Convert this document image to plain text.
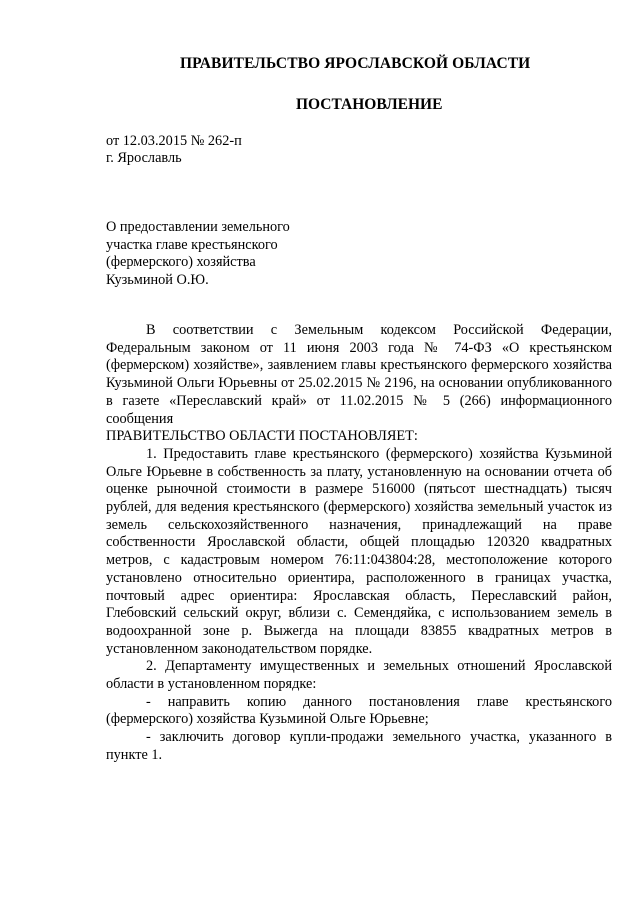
ПРАВИТЕЛЬСТВО ЯРОСЛАВСКОЙ ОБЛАСТИ
ПОСТАНОВЛЕНИЕ
от 12.03.2015 № 262-п
г. Ярославль
О предоставлении земельного
участка главе крестьянского
(фермерского) хозяйства
Кузьминой О.Ю.

В соответствии с Земельным кодексом Российской Федерации, Федеральным законом от 11 июня 2003 года № 74-ФЗ «О крестьянском (фермерском) хозяйстве», заявлением главы крестьянского фермерского хозяйства Кузьминой Ольги Юрьевны от 25.02.2015 № 2196, на основании опубликованного в газете «Переславский край» от 11.02.2015 № 5 (266) информационного сообщения

ПРАВИТЕЛЬСТВО ОБЛАСТИ ПОСТАНОВЛЯЕТ:

1. Предоставить главе крестьянского (фермерского) хозяйства Кузьминой Ольге Юрьевне в собственность за плату, установленную на основании отчета об оценке рыночной стоимости в размере 516000 (пятьсот шестнадцать) тысяч рублей, для ведения крестьянского (фермерского) хозяйства земельный участок из земель сельскохозяйственного назначения, принадлежащий на праве собственности Ярославской области, общей площадью 120320 квадратных метров, с кадастровым номером 76:11:043804:28, местоположение которого установлено относительно ориентира, расположенного в границах участка, почтовый адрес ориентира: Ярославская область, Переславский район, Глебовский сельский округ, вблизи с. Семендяйка, с использованием земель в водоохранной зоне р. Выжегда на площади 83855 квадратных метров в установленном законодательством порядке.

2. Департаменту имущественных и земельных отношений Ярославской области в установленном порядке:

- направить копию данного постановления главе крестьянского (фермерского) хозяйства Кузьминой Ольге Юрьевне;

- заключить договор купли-продажи земельного участка, указанного в пункте 1.
